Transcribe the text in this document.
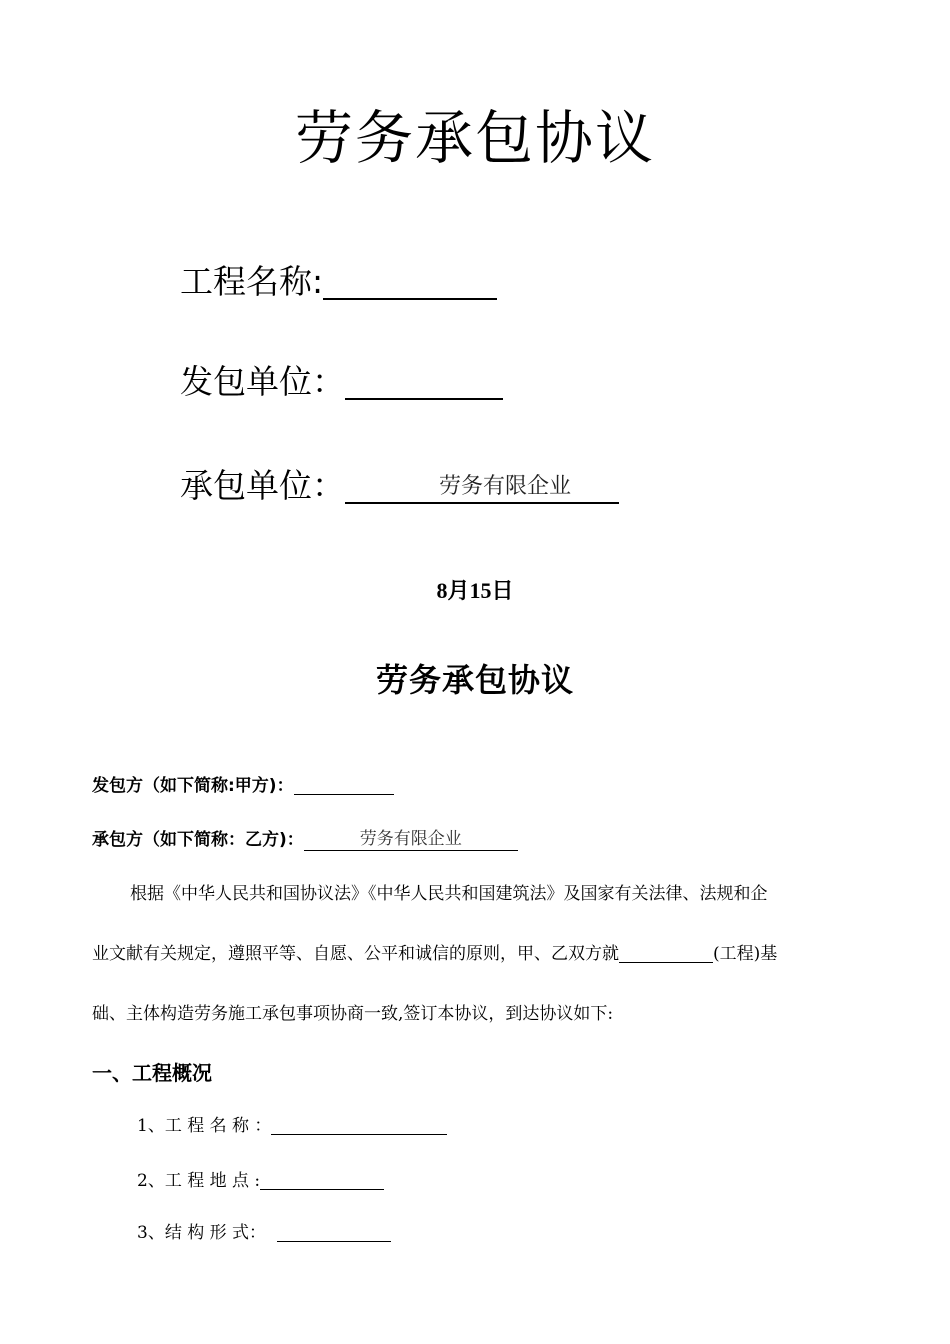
劳务承包协议
工程名称:
发包单位：
承包单位：	劳务有限企业
8月15日
劳务承包协议
发包方（如下简称:甲方)：
承包方（如下简称：乙方)：	劳务有限企业
根据《中华人民共和国协议法》《中华人民共和国建筑法》及国家有关法律、法规和企
业文献有关规定，遵照平等、自愿、公平和诚信的原则，甲、乙双方就	(工程)基
础、主体构造劳务施工承包事项协商一致,签订本协议，到达协议如下:
一、工程概况
1、工 程 名 称 ：
2、工 程 地 点 :
3、结 构 形 式：
